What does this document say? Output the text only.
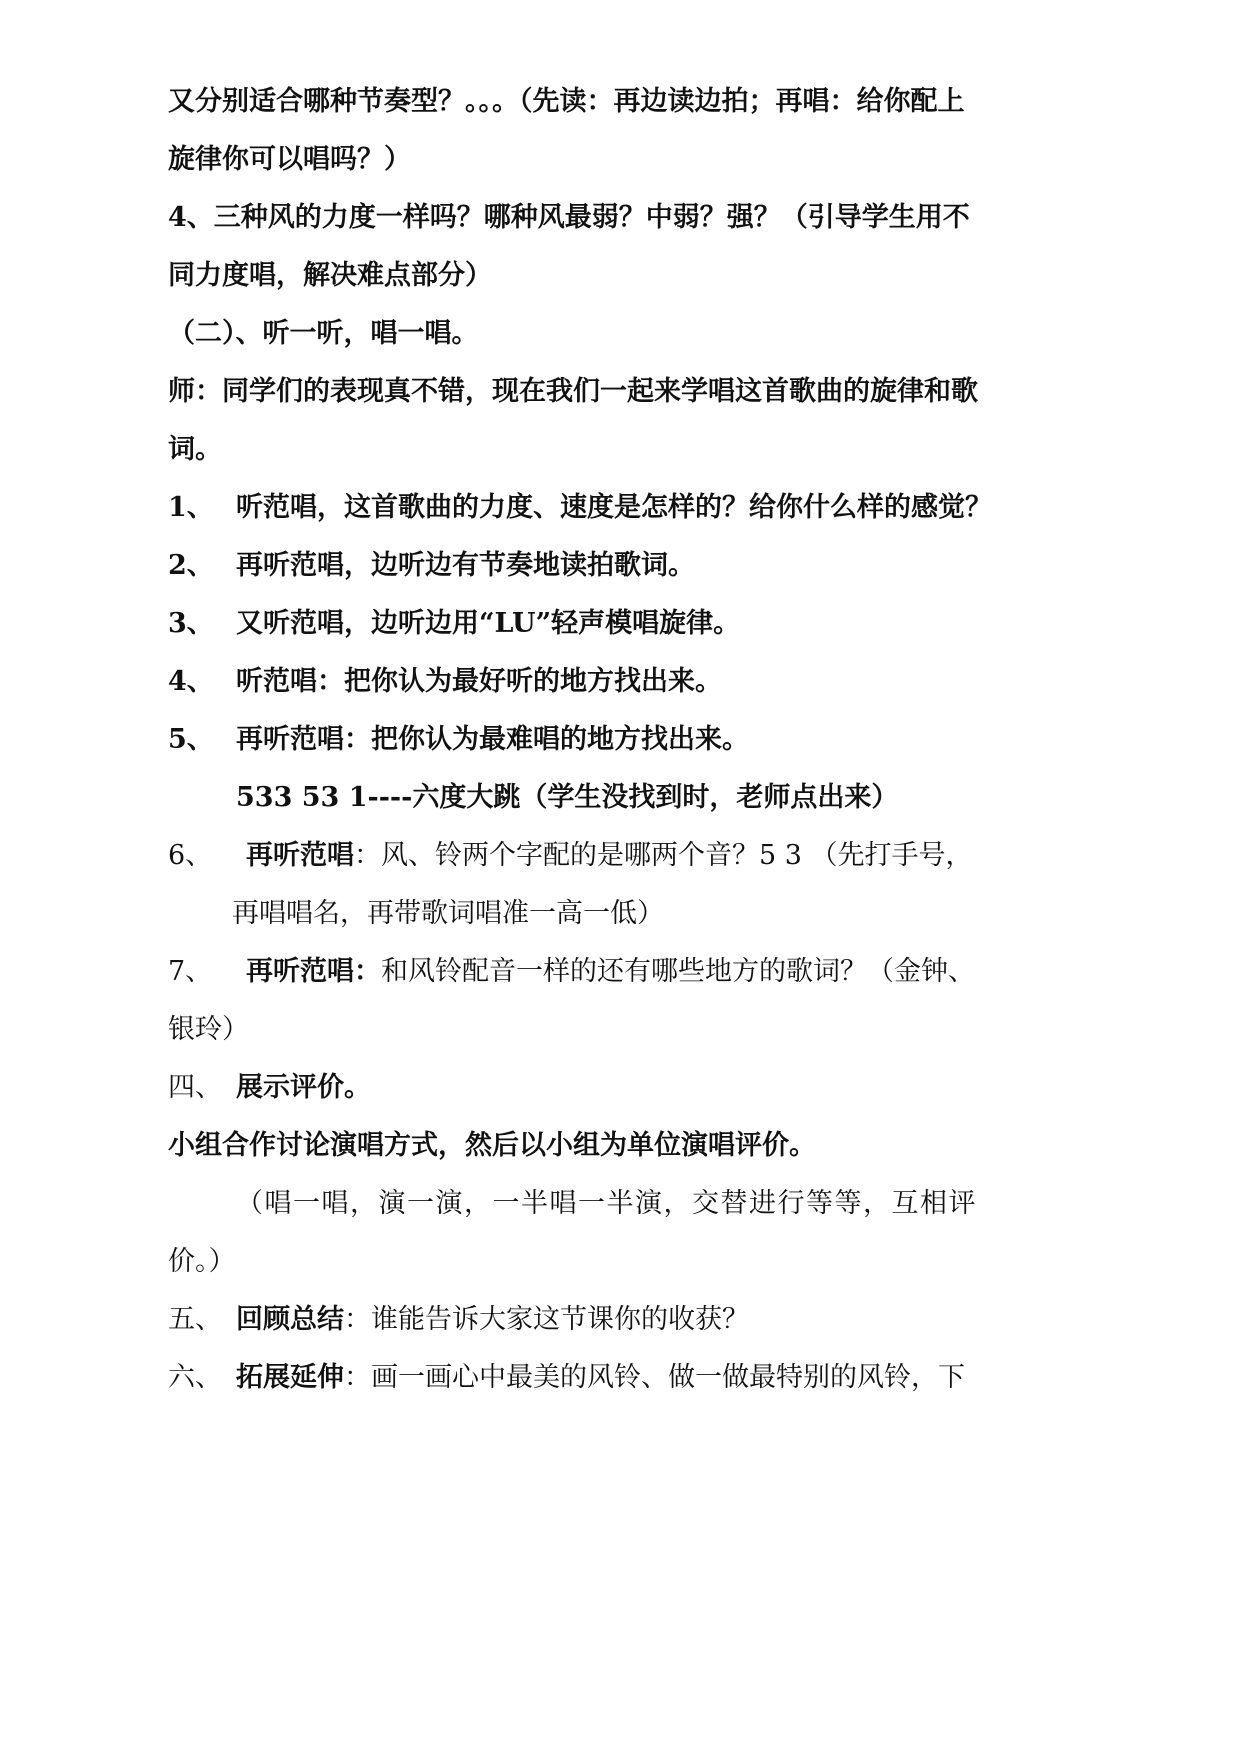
又分别适合哪种节奏型？。。。（先读：再边读边拍；再唱：给你配上
旋律你可以唱吗？）
4、三种风的力度一样吗？哪种风最弱？中弱？强？（引导学生用不
同力度唱，解决难点部分）
（二）、听一听，唱一唱。
师：同学们的表现真不错，现在我们一起来学唱这首歌曲的旋律和歌
词。
1、 听范唱，这首歌曲的力度、速度是怎样的？给你什么样的感觉？
2、 再听范唱，边听边有节奏地读拍歌词。
3、 又听范唱，边听边用“LU”轻声模唱旋律。
4、 听范唱：把你认为最好听的地方找出来。
5、 再听范唱：把你认为最难唱的地方找出来。
533 53 1----六度大跳（学生没找到时，老师点出来）
6、 再听范唱：风、铃两个字配的是哪两个音？5 3 （先打手号，
再唱唱名，再带歌词唱准一高一低）
7、 再听范唱：和风铃配音一样的还有哪些地方的歌词？（金钟、
银玲）
四、 展示评价。
小组合作讨论演唱方式，然后以小组为单位演唱评价。
（唱一唱，演一演，一半唱一半演，交替进行等等，互相评
价。）
五、 回顾总结：谁能告诉大家这节课你的收获？
六、 拓展延伸：画一画心中最美的风铃、做一做最特别的风铃，下
